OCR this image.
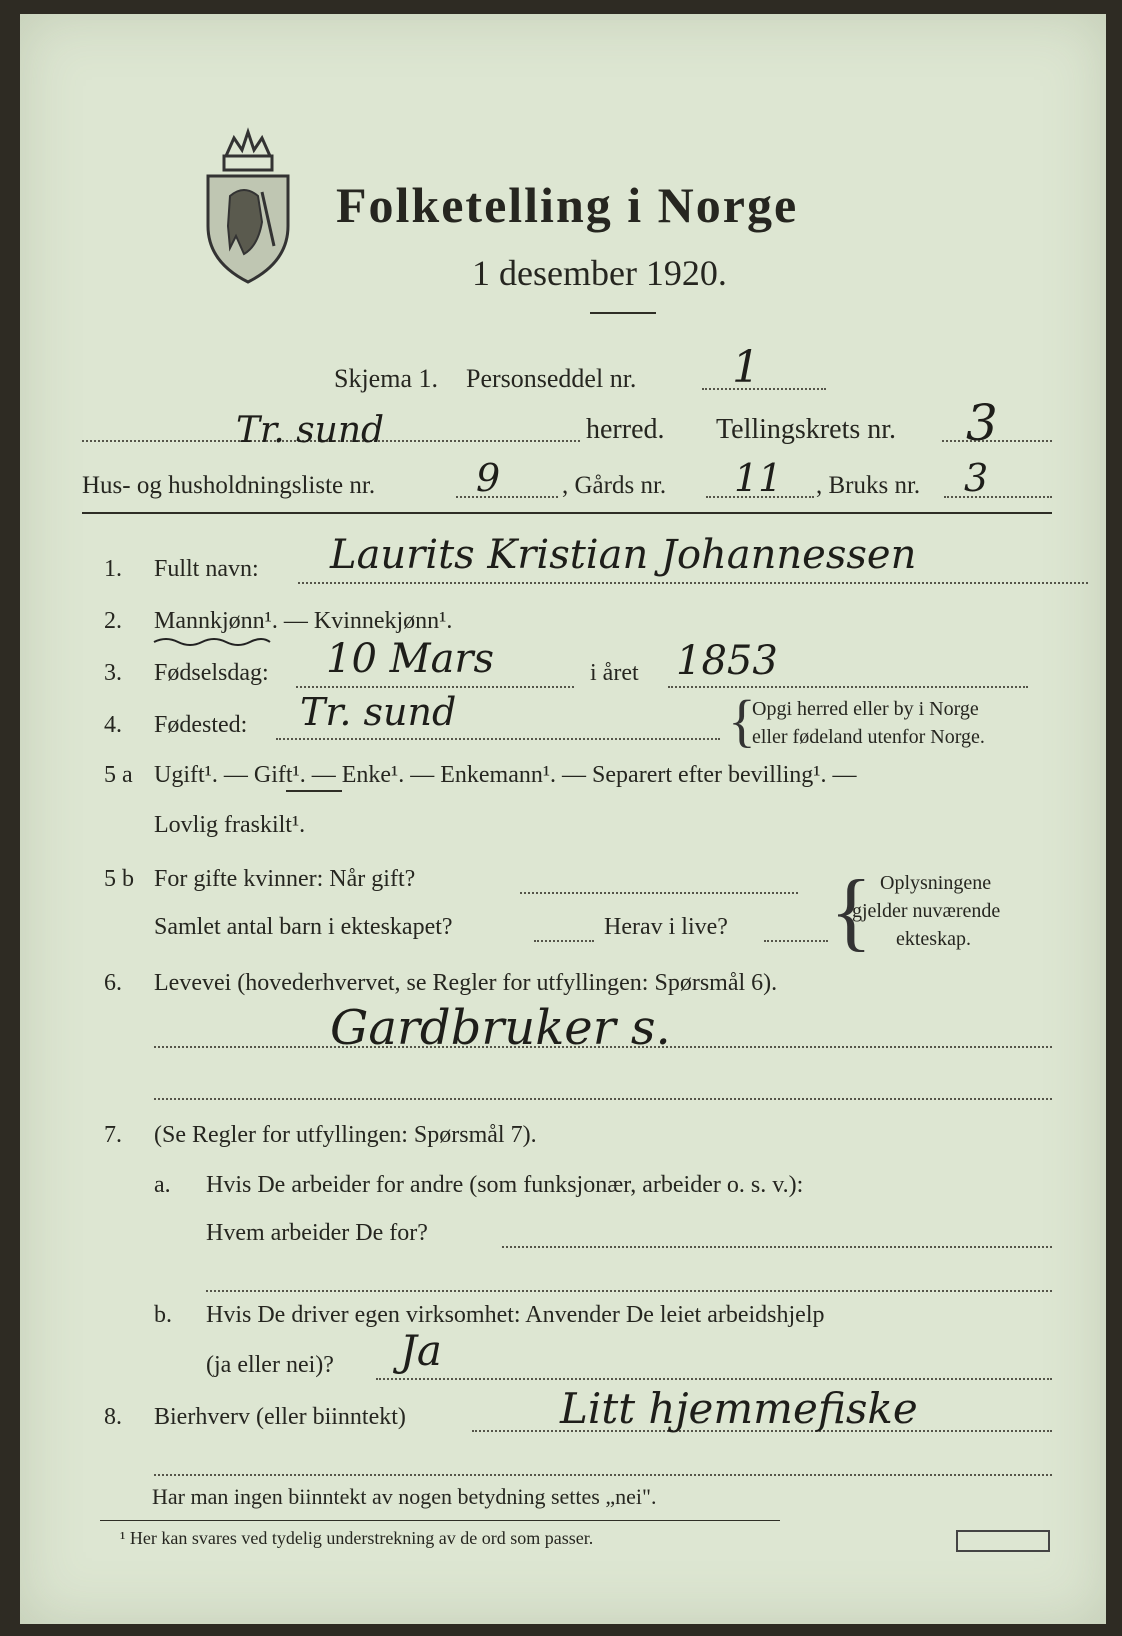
Folketelling i Norge
1 desember 1920.
Skjema 1. Personseddel nr. 1
Tr. sund	herred. Tellingskrets nr. 3
Hus- og husholdningsliste nr.	9 , Gårds nr. 11 , Bruks nr. 3
1. Fullt navn: Laurits Kristian Johannessen
2. Mannkjønn¹. — Kvinnekjønn¹.
3. Fødselsdag: 10 Mars	i året 1853
4. Fødested: Tr. sund	{
Opgi herred eller by i Norge
eller fødeland utenfor Norge.
5 a Ugift¹. — Gift¹. — Enke¹. — Enkemann¹. — Separert efter bevilling¹. —
Lovlig fraskilt¹.
5 b For gifte kvinner: Når gift?
Samlet antal barn i ekteskapet?	Herav i live? { Oplysningene
gjelder nuværende
ekteskap.
6. Levevei (hovederhvervet, se Regler for utfyllingen: Spørsmål 6).
Gardbruker s.
7. (Se Regler for utfyllingen: Spørsmål 7).
a. Hvis De arbeider for andre (som funksjonær, arbeider o. s. v.):
Hvem arbeider De for?
b. Hvis De driver egen virksomhet: Anvender De leiet arbeidshjelp
(ja eller nei)? Ja
8. Bierhverv (eller biinntekt)	Litt hjemmefiske
Har man ingen biinntekt av nogen betydning settes „nei".
¹ Her kan svares ved tydelig understrekning av de ord som passer.
